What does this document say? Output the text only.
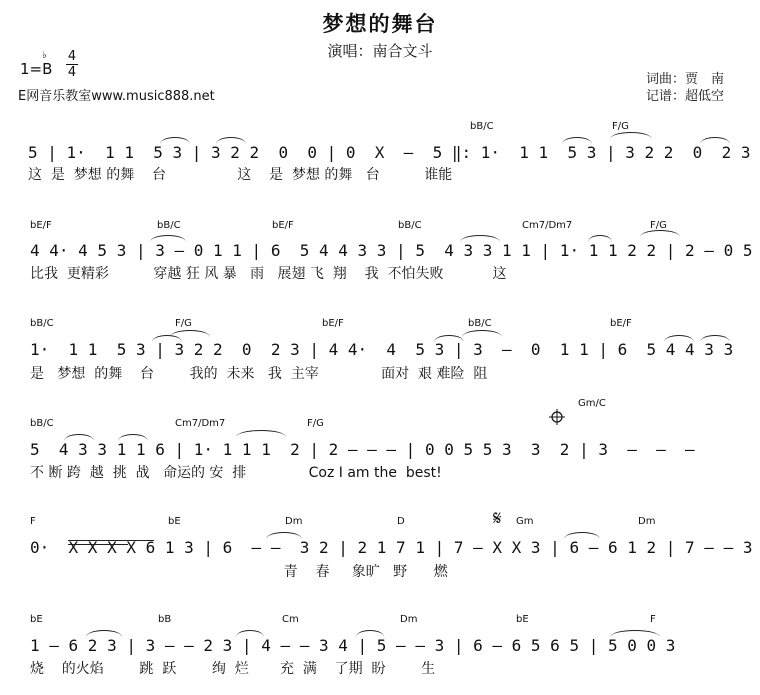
梦想的舞台
演唱：南合文斗
1=B
♭ 4
4
E网音乐教室www.music888.net
词曲：贾　南
记谱：超低空
bB/C	F/G
5 | 1·  1 1  5 3 | 3 2 2  0  0 | 0  X  —  5 ‖: 1·  1 1  5 3 | 3 2 2  0  2 3
这  是  梦想 的舞    台                这    是  梦想 的舞   台          谁能
bE/F	bB/C	bE/F	bB/C	Cm7/Dm7	F/G
4 4· 4 5 3 | 3 — 0 1 1 | 6  5 4 4 3 3 | 5  4 3 3 1 1 | 1· 1 1 2 2 | 2 — 0 5
比我  更精彩          穿越 狂 风 暴   雨   展翅 飞  翔    我  不怕失败           这
bB/C	F/G	bE/F	bB/C	bE/F
1·  1 1  5 3 | 3 2 2  0  2 3 | 4 4·  4  5 3 | 3  —  0  1 1 | 6  5 4 4 3 3
是   梦想  的舞    台        我的  未来   我  主宰              面对  艰 难险  阻
bB/C	Cm7/Dm7	F/G
Gm/C
5  4 3 3 1 1 6 | 1· 1 1 1  2 | 2 — — — | 0 0 5 5 3  3  2 | 3  —  —  —
不 断 跨  越  挑  战   命运的 安  排              Coz I am the  best!
F	bE	Dm	D	𝄋 Gm	Dm
0·  X X X X 6 1 3 | 6  — —  3 2 | 2 1 7 1 | 7 — X X 3 | 6 — 6 1 2 | 7 — — 3
青    春     象旷   野      燃
bE	bB	Cm	Dm	bE	F
1 — 6 2 3 | 3 — — 2 3 | 4 — — 3 4 | 5 — — 3 | 6 — 6 5 6 5 | 5 0 0 3
烧    的火焰        跳  跃        绚  烂       充  满    了期  盼        生
